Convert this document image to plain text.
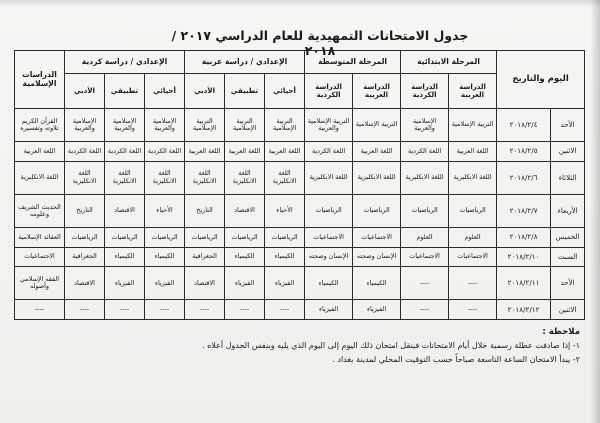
جدول الامتحانات التمهيدية للعام الدراسي ٢٠١٧ / ٢٠١٨
اليوم والتاريخ		المرحلة الابتدائية		المرحلة المتوسطة		الإعدادي / دراسة عربية			الإعدادي / دراسة كردية			الدراسات الإسلامية
		الدراسة العربية	الدراسة الكردية	الدراسة العربية	الدراسة الكردية	أحيائي	تطبيقي	الأدبي	أحيائي	تطبيقي	الأدبي	
الأحد	٢٠١٨/٢/٤	التربية الإسلامية	الإسلامية والعربية	التربية الإسلامية	التربية الإسلامية والعربية	التربية الإسلامية	التربية الإسلامية	التربية الإسلامية	الإسلامية والعربية	الإسلامية والعربية	الإسلامية والعربية	القرآن الكريم تلاوته وتفسيره
الاثنين	٢٠١٨/٢/٥	اللغة العربية	اللغة الكردية	اللغة العربية	اللغة الكردية	اللغة العربية	اللغة العربية	اللغة العربية	اللغة الكردية	اللغة الكردية	اللغة الكردية	اللغة العربية
الثلاثاء	٢٠١٨/٢/٦	اللغة الانكليزية	اللغة الانكليزية	اللغة الانكليزية	اللغة الانكليزية	اللغة الانكليزية	اللغة الانكليزية	اللغة الانكليزية	اللغة الانكليزية	اللغة الانكليزية	اللغة الانكليزية	اللغة الانكليزية
الأربعاء	٢٠١٨/٢/٧	الرياضيات	الرياضيات	الرياضيات	الرياضيات	الأحياء	الاقتصاد	التاريخ	الأحياء	الاقتصاد	التاريخ	الحديث الشريف وعلومه
الخميس	٢٠١٨/٢/٨	العلوم	العلوم	الاجتماعيات	الاجتماعيات	الرياضيات	الرياضيات	الرياضيات	الرياضيات	الرياضيات	الرياضيات	العقائد الإسلامية
السبت	٢٠١٨/٢/١٠	الاجتماعيات	الاجتماعيات	الإنسان وصحته	الإنسان وصحته	الكيمياء	الكيمياء	الجغرافية	الكيمياء	الكيمياء	الجغرافية	الاجتماعيات
الأحد	٢٠١٨/٢/١١	----	----	الكيمياء	الكيمياء	الفيزياء	الفيزياء	الاقتصاد	الفيزياء	الفيزياء	الاقتصاد	الفقه الإسلامي وأصوله
الاثنين	٢٠١٨/٢/١٢	----	----	الفيزياء	الفيزياء	----	----	----	----	----	----	----
ملاحظة :
١- إذا صادفت عطلة رسمية خلال أيام الامتحانات فينقل امتحان ذلك اليوم إلى اليوم الذي يليه وبنفس الجدول أعلاه .
٢- يبدأ الامتحان الساعة التاسعة صباحاً حسب التوقيت المحلي لمدينة بغداد .
